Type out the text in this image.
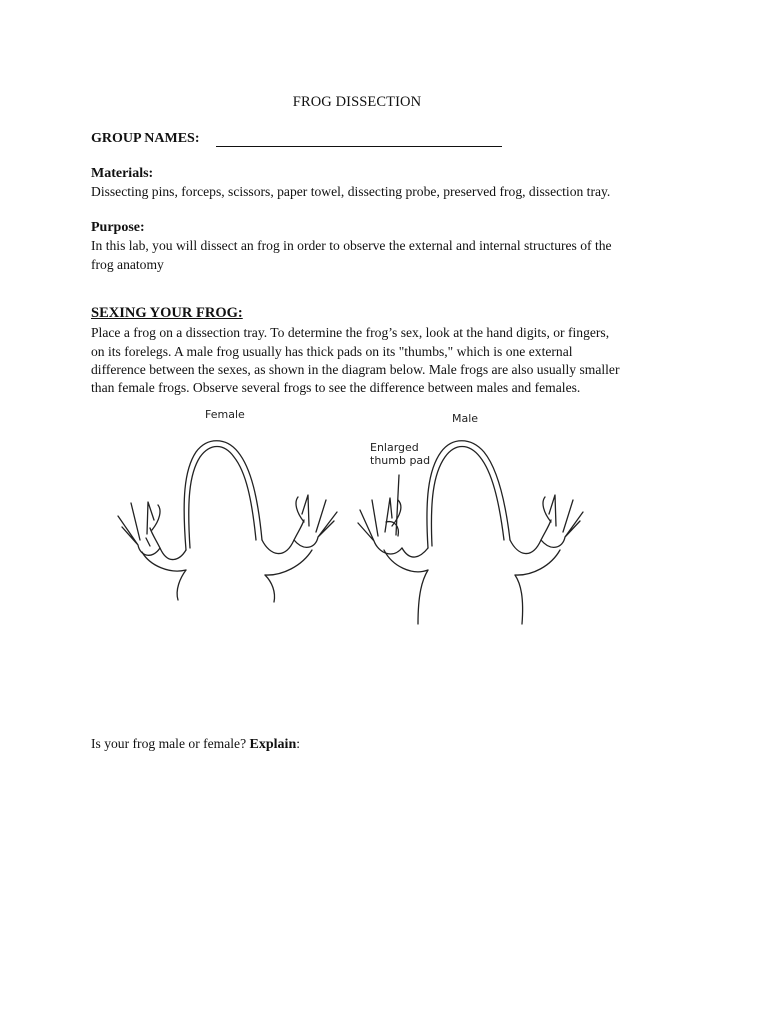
FROG DISSECTION
GROUP NAMES:
Materials:
Dissecting pins, forceps, scissors, paper towel, dissecting probe, preserved frog, dissection tray.
Purpose:
In this lab, you will dissect an frog in order to observe the external and internal structures of the
frog anatomy
SEXING YOUR FROG:
Place a frog on a dissection tray. To determine the frog’s sex, look at the hand digits, or fingers,
on its forelegs. A male frog usually has thick pads on its "thumbs," which is one external
difference between the sexes, as shown in the diagram below. Male frogs are also usually smaller
than female frogs. Observe several frogs to see the difference between males and females.
Female	Male
Enlarged
thumb pad
Is your frog male or female? Explain:
